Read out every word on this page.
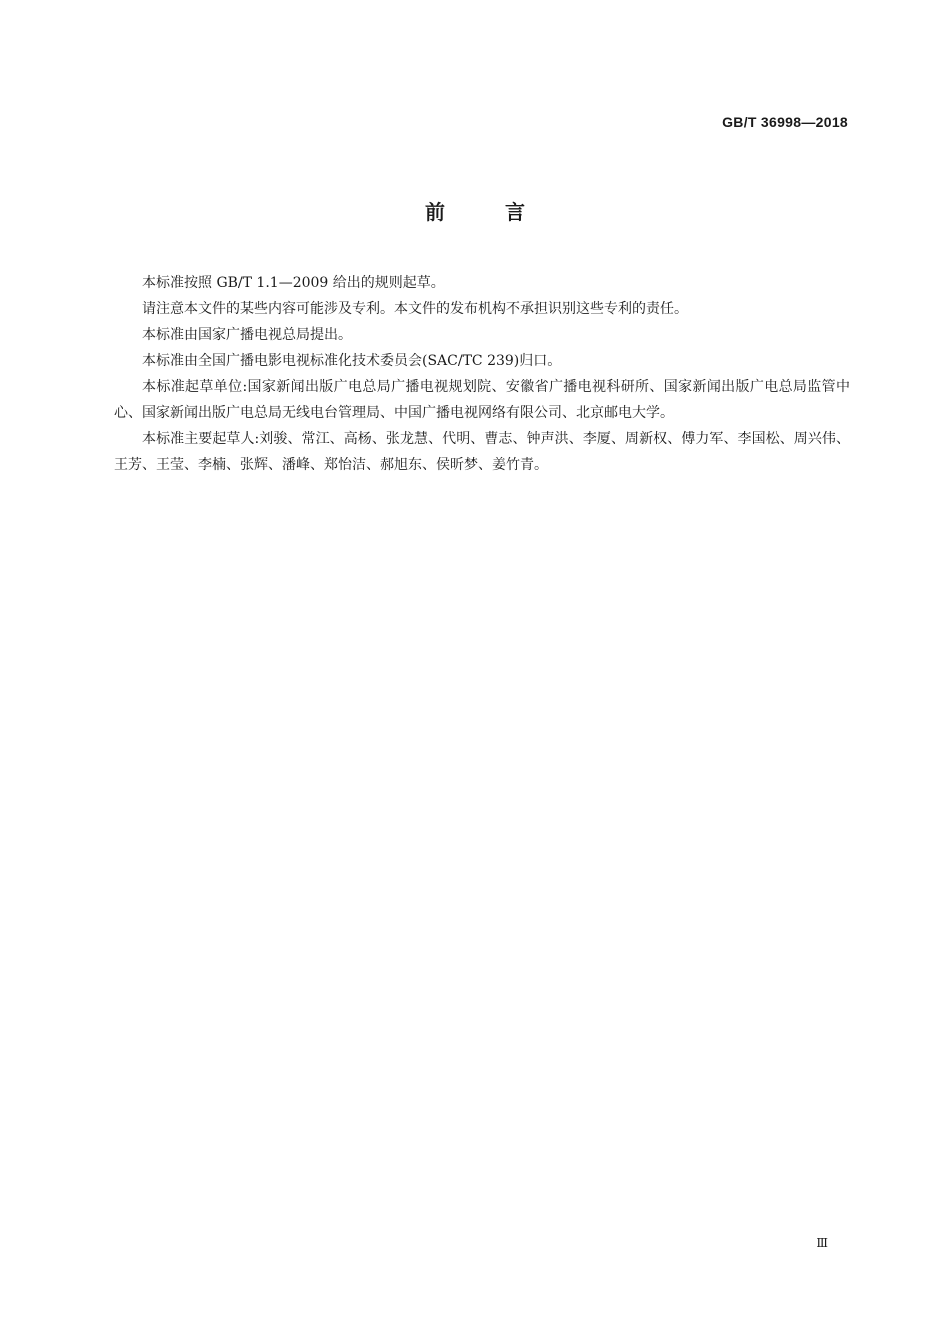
GB/T 36998—2018
前言

本标准按照 GB/T 1.1—2009 给出的规则起草。

请注意本文件的某些内容可能涉及专利。本文件的发布机构不承担识别这些专利的责任。

本标准由国家广播电视总局提出。

本标准由全国广播电影电视标准化技术委员会(SAC/TC 239)归口。

本标准起草单位:国家新闻出版广电总局广播电视规划院、安徽省广播电视科研所、国家新闻出版广电总局监管中心、国家新闻出版广电总局无线电台管理局、中国广播电视网络有限公司、北京邮电大学。

本标准主要起草人:刘骏、常江、高杨、张龙慧、代明、曹志、钟声洪、李厦、周新权、傅力军、李国松、周兴伟、王芳、王莹、李楠、张辉、潘峰、郑怡洁、郝旭东、侯昕梦、姜竹青。

Ⅲ
